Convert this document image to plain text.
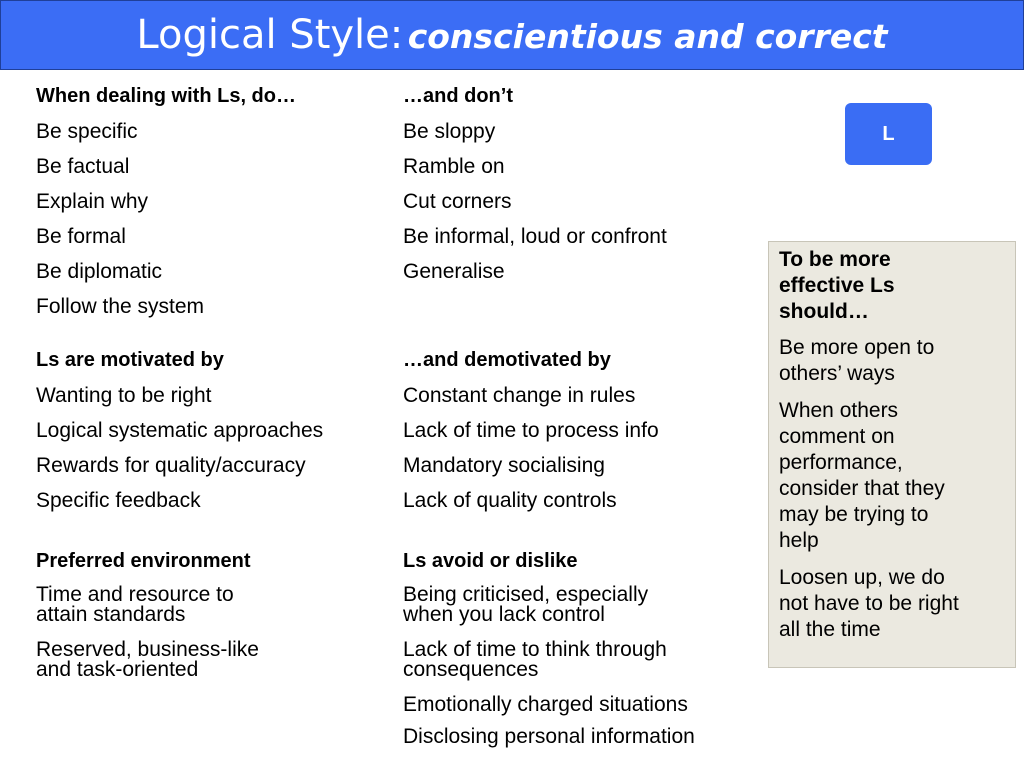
Logical Style: conscientious and correct
When dealing with Ls, do…
Be specific
Be factual
Explain why
Be formal
Be diplomatic
Follow the system
…and don’t
Be sloppy
Ramble on
Cut corners
Be informal, loud or confront
Generalise
Ls are motivated by
Wanting to be right
Logical systematic approaches
Rewards for quality/accuracy
Specific feedback
…and demotivated by
Constant change in rules
Lack of time to process info
Mandatory socialising
Lack of quality controls
Preferred environment
Time and resource to
attain standards
Reserved, business-like
and task-oriented
Ls avoid or dislike
Being criticised, especially
when you lack control
Lack of time to think through
consequences
Emotionally charged situations
Disclosing personal information
L
To be more
effective Ls
should…
Be more open to
others’ ways
When others
comment on
performance,
consider that they
may be trying to
help
Loosen up, we do
not have to be right
all the time
